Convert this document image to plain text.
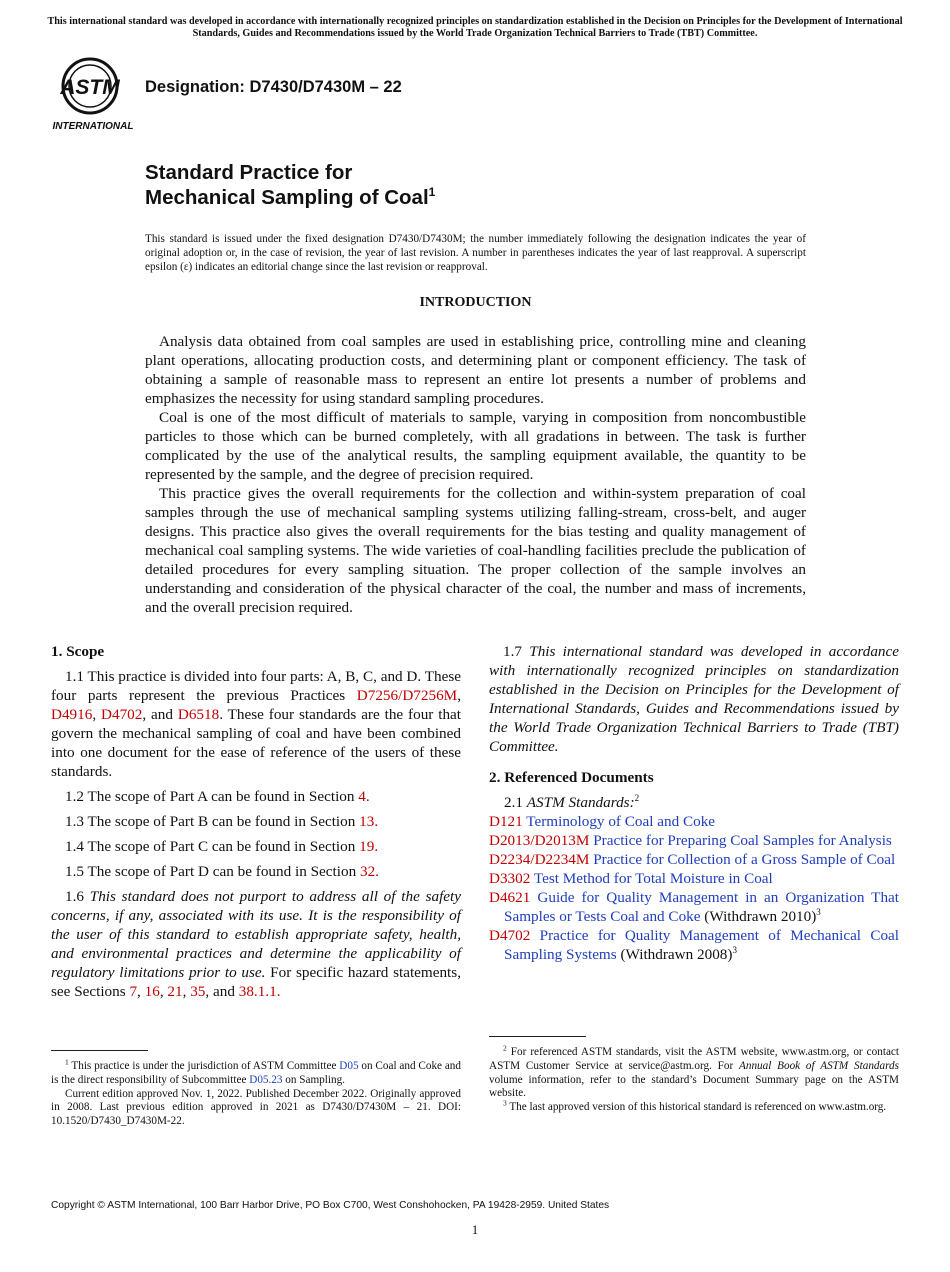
This international standard was developed in accordance with internationally recognized principles on standardization established in the Decision on Principles for the Development of International Standards, Guides and Recommendations issued by the World Trade Organization Technical Barriers to Trade (TBT) Committee.
ASTM
INTERNATIONAL
Designation: D7430/D7430M – 22
Standard Practice for
Mechanical Sampling of Coal$^1$
This standard is issued under the fixed designation D7430/D7430M; the number immediately following the designation indicates the year of original adoption or, in the case of revision, the year of last revision. A number in parentheses indicates the year of last reapproval. A superscript epsilon (ε) indicates an editorial change since the last revision or reapproval.
INTRODUCTION

Analysis data obtained from coal samples are used in establishing price, controlling mine and cleaning plant operations, allocating production costs, and determining plant or component efficiency. The task of obtaining a sample of reasonable mass to represent an entire lot presents a number of problems and emphasizes the necessity for using standard sampling procedures.

Coal is one of the most difficult of materials to sample, varying in composition from noncombustible particles to those which can be burned completely, with all gradations in between. The task is further complicated by the use of the analytical results, the sampling equipment available, the quantity to be represented by the sample, and the degree of precision required.

This practice gives the overall requirements for the collection and within-system preparation of coal samples through the use of mechanical sampling systems utilizing falling-stream, cross-belt, and auger designs. This practice also gives the overall requirements for the bias testing and quality management of mechanical coal sampling systems. The wide varieties of coal-handling facilities preclude the publication of detailed procedures for every sampling situation. The proper collection of the sample involves an understanding and consideration of the physical character of the coal, the number and mass of increments, and the overall precision required.

1. Scope

1.1 This practice is divided into four parts: A, B, C, and D. These four parts represent the previous Practices D7256/D7256M, D4916, D4702, and D6518. These four standards are the four that govern the mechanical sampling of coal and have been combined into one document for the ease of reference of the users of these standards.

1.2 The scope of Part A can be found in Section 4.

1.3 The scope of Part B can be found in Section 13.

1.4 The scope of Part C can be found in Section 19.

1.5 The scope of Part D can be found in Section 32.

1.6 This standard does not purport to address all of the safety concerns, if any, associated with its use. It is the responsibility of the user of this standard to establish appropriate safety, health, and environmental practices and determine the applicability of regulatory limitations prior to use. For specific hazard statements, see Sections 7, 16, 21, 35, and 38.1.1.

$^1$ This practice is under the jurisdiction of ASTM Committee D05 on Coal and Coke and is the direct responsibility of Subcommittee D05.23 on Sampling.

Current edition approved Nov. 1, 2022. Published December 2022. Originally approved in 2008. Last previous edition approved in 2021 as D7430/D7430M – 21. DOI: 10.1520/D7430_D7430M-22.

1.7 This international standard was developed in accordance with internationally recognized principles on standardization established in the Decision on Principles for the Development of International Standards, Guides and Recommendations issued by the World Trade Organization Technical Barriers to Trade (TBT) Committee.

2. Referenced Documents
2.1 ASTM Standards:$^2$
D121 Terminology of Coal and Coke
D2013/D2013M Practice for Preparing Coal Samples for Analysis
D2234/D2234M Practice for Collection of a Gross Sample of Coal
D3302 Test Method for Total Moisture in Coal
D4621 Guide for Quality Management in an Organization That Samples or Tests Coal and Coke (Withdrawn 2010)$^3$
D4702 Practice for Quality Management of Mechanical Coal Sampling Systems (Withdrawn 2008)$^3$

$^2$ For referenced ASTM standards, visit the ASTM website, www.astm.org, or contact ASTM Customer Service at service@astm.org. For Annual Book of ASTM Standards volume information, refer to the standard’s Document Summary page on the ASTM website.

$^3$ The last approved version of this historical standard is referenced on www.astm.org.

Copyright © ASTM International, 100 Barr Harbor Drive, PO Box C700, West Conshohocken, PA 19428-2959. United States
1
